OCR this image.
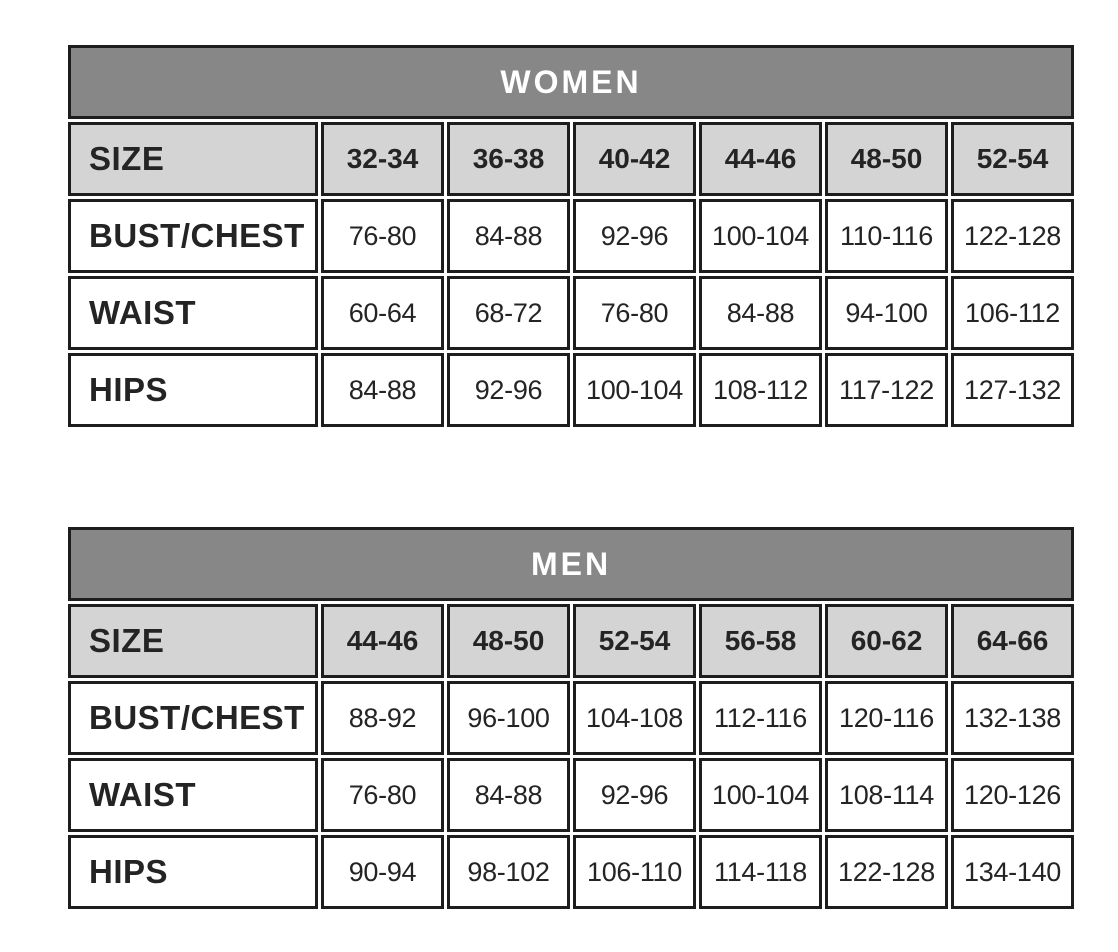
WOMEN						
SIZE	32-34	36-38	40-42	44-46	48-50	52-54
BUST/CHEST	76-80	84-88	92-96	100-104	110-116	122-128
WAIST	60-64	68-72	76-80	84-88	94-100	106-112
HIPS	84-88	92-96	100-104	108-112	117-122	127-132
MEN						
SIZE	44-46	48-50	52-54	56-58	60-62	64-66
BUST/CHEST	88-92	96-100	104-108	112-116	120-116	132-138
WAIST	76-80	84-88	92-96	100-104	108-114	120-126
HIPS	90-94	98-102	106-110	114-118	122-128	134-140
